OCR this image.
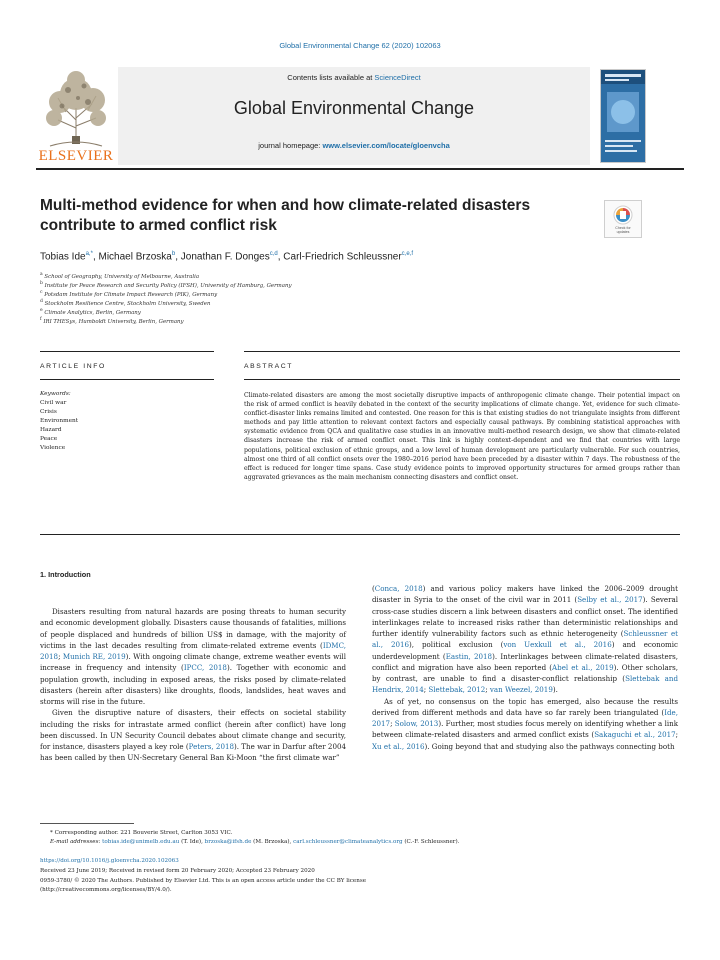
Global Environmental Change 62 (2020) 102063
Contents lists available at ScienceDirect
Global Environmental Change
journal homepage: www.elsevier.com/locate/gloenvcha
ELSEVIER
Multi-method evidence for when and how climate-related disasters contribute to armed conflict risk	Check for
updates
Tobias Ide$^{a,*}$, Michael Brzoska$^b$, Jonathan F. Donges$^{c,d}$, Carl-Friedrich Schleussner$^{c,e,f}$
$^a$ School of Geography, University of Melbourne, Australia
$^b$ Institute for Peace Research and Security Policy (IFSH), University of Hamburg, Germany
$^c$ Potsdam Institute for Climate Impact Research (PIK), Germany
$^d$ Stockholm Resilience Centre, Stockholm University, Sweden
$^e$ Climate Analytics, Berlin, Germany
$^f$ IRI THESys, Humboldt University, Berlin, Germany
ARTICLE INFO
Keywords:
Civil war
Crisis
Environment
Hazard
Peace
Violence
ABSTRACT
Climate-related disasters are among the most societally disruptive impacts of anthropogenic climate change. Their potential impact on the risk of armed conflict is heavily debated in the context of the security implications of climate change. Yet, evidence for such climate-conflict-disaster links remains limited and contested. One reason for this is that existing studies do not triangulate insights from different methods and pay little attention to relevant context factors and especially causal pathways. By combining statistical approaches with systematic evidence from QCA and qualitative case studies in an innovative multi-method research design, we show that climate-related disasters increase the risk of armed conflict onset. This link is highly context-dependent and we find that countries with large populations, political exclusion of ethnic groups, and a low level of human development are particularly vulnerable. For such countries, almost one third of all conflict onsets over the 1980–2016 period have been preceded by a disaster within 7 days. The robustness of the effect is reduced for longer time spans. Case study evidence points to improved opportunity structures for armed groups rather than aggravated grievances as the main mechanism connecting disasters and conflict onset.
1. Introduction

Disasters resulting from natural hazards are posing threats to human security and economic development globally. Disasters cause thousands of fatalities, millions of people displaced and hundreds of billion US$ in damage, with the majority of victims in the last decades resulting from climate-related extreme events (IDMC, 2018; Munich RE, 2019). With ongoing climate change, extreme weather events will increase in frequency and intensity (IPCC, 2018). Together with economic and population growth, including in exposed areas, the risks posed by climate-related disasters (herein after disasters) like droughts, floods, landslides, heat waves and storms will rise in the future.

Given the disruptive nature of disasters, their effects on societal stability including the risks for intrastate armed conflict (herein after conflict) have long been discussed. In UN Security Council debates about climate change and security, for instance, disasters played a key role (Peters, 2018). The war in Darfur after 2004 has been called by then UN-Secretary General Ban Ki-Moon “the first climate war”

(Conca, 2018) and various policy makers have linked the 2006–2009 drought disaster in Syria to the onset of the civil war in 2011 (Selby et al., 2017). Several cross-case studies discern a link between disasters and conflict onset. The identified interlinkages relate to increased risks rather than deterministic relationships and further identify vulnerability factors such as ethnic heterogeneity (Schleussner et al., 2016), political exclusion (von Uexkull et al., 2016) and economic underdevelopment (Eastin, 2018). Interlinkages between climate-related disasters, conflict and migration have also been reported (Abel et al., 2019). Other scholars, by contrast, are unable to find a disaster-conflict relationship (Slettebak and Hendrix, 2014; Slettebak, 2012; van Weezel, 2019).

As of yet, no consensus on the topic has emerged, also because the results derived from different methods and data have so far rarely been triangulated (Ide, 2017; Solow, 2013). Further, most studies focus merely on identifying whether a link between climate-related disasters and armed conflict exists (Sakaguchi et al., 2017; Xu et al., 2016). Going beyond that and studying also the pathways connecting both

* Corresponding author. 221 Bouverie Street, Carlton 3053 VIC.
E-mail addresses: tobias.ide@unimelb.edu.au (T. Ide), brzoska@ifsh.de (M. Brzoska), carl.schleussner@climateanalytics.org (C.-F. Schleussner).
https://doi.org/10.1016/j.gloenvcha.2020.102063
Received 23 June 2019; Received in revised form 20 February 2020; Accepted 23 February 2020
0959-3780/ © 2020 The Authors. Published by Elsevier Ltd. This is an open access article under the CC BY license
(http://creativecommons.org/licenses/BY/4.0/).
